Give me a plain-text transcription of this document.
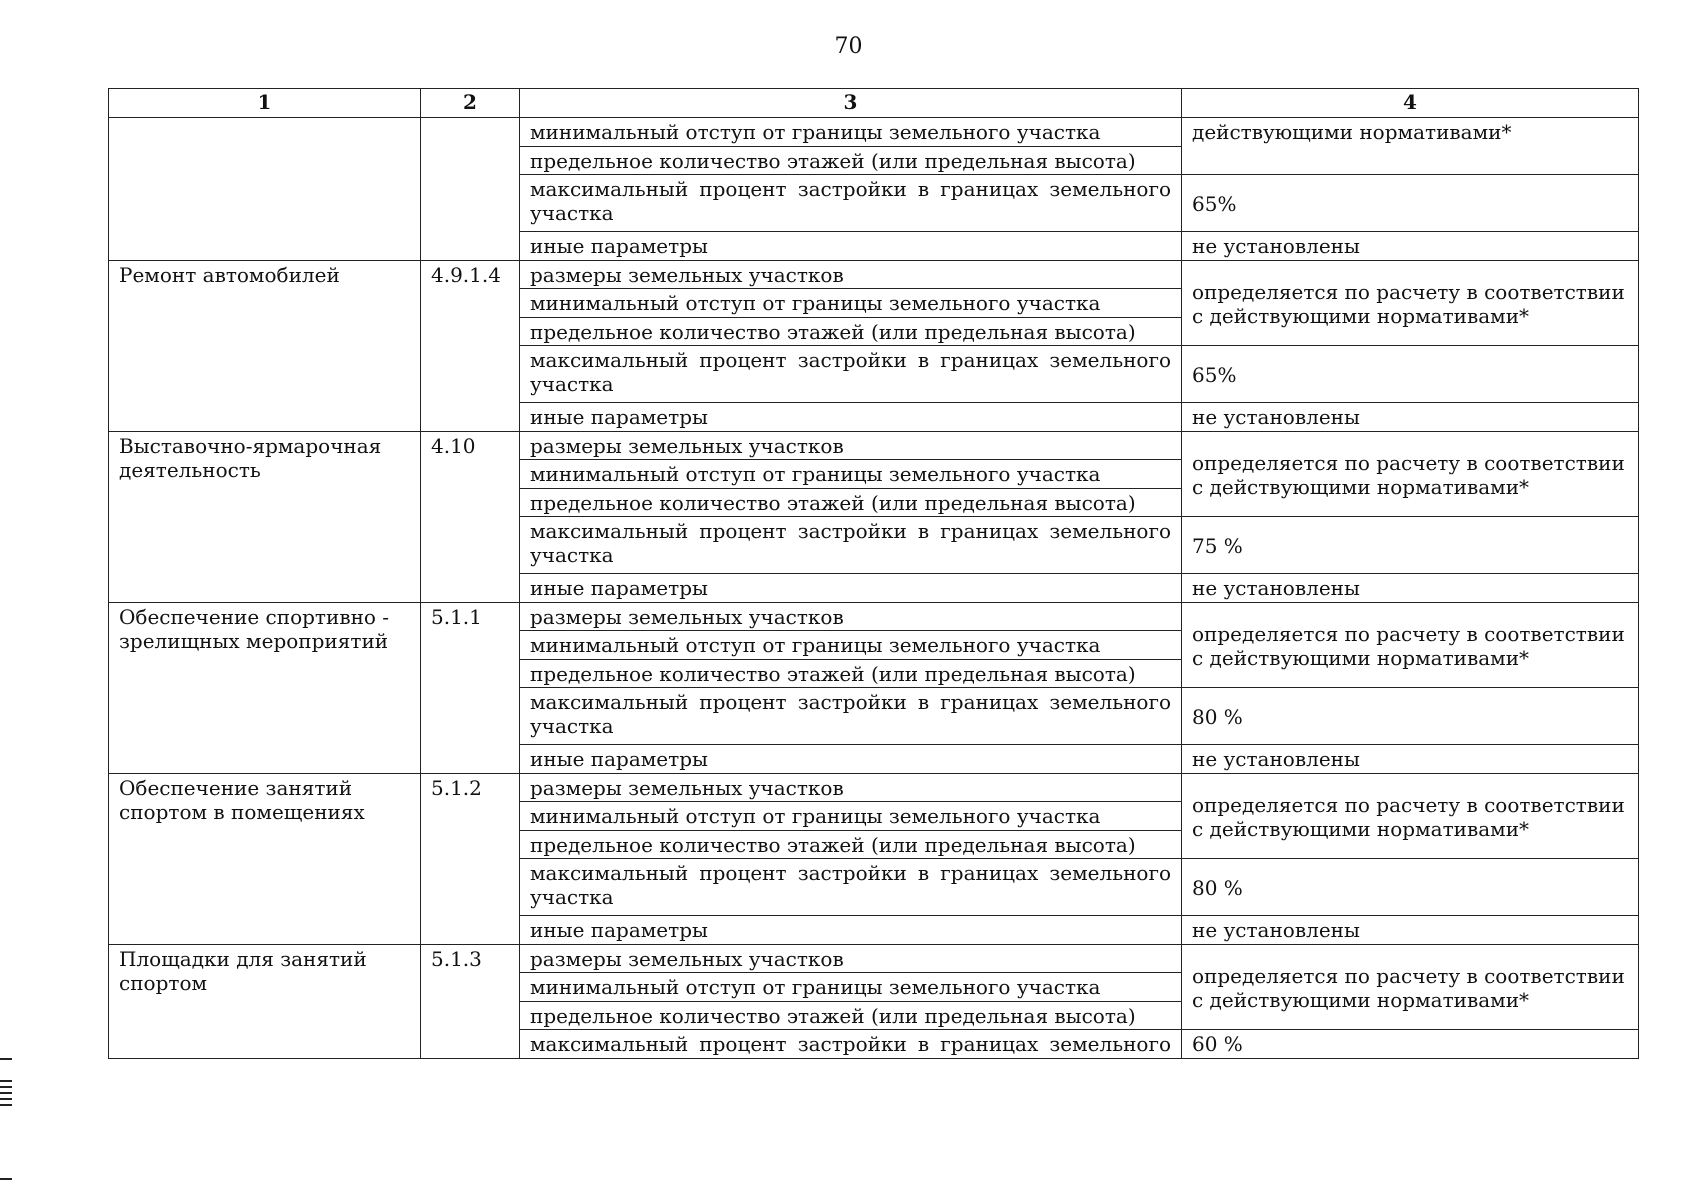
70
1	2	3	4
		минимальный отступ от границы земельного участка	действующими нормативами*
		предельное количество этажей (или предельная высота)	
		максимальный процент застройки в границах земельного участка	65%
		иные параметры	не установлены
Ремонт автомобилей	4.9.1.4	размеры земельных участков	определяется по расчету в соответствии с действующими нормативами*
		минимальный отступ от границы земельного участка	
		предельное количество этажей (или предельная высота)	
		максимальный процент застройки в границах земельного участка	65%
		иные параметры	не установлены
Выставочно-ярмарочная деятельность	4.10	размеры земельных участков	определяется по расчету в соответствии с действующими нормативами*
		минимальный отступ от границы земельного участка	
		предельное количество этажей (или предельная высота)	
		максимальный процент застройки в границах земельного участка	75 %
		иные параметры	не установлены
Обеспечение спортивно - зрелищных мероприятий	5.1.1	размеры земельных участков	определяется по расчету в соответствии с действующими нормативами*
		минимальный отступ от границы земельного участка	
		предельное количество этажей (или предельная высота)	
		максимальный процент застройки в границах земельного участка	80 %
		иные параметры	не установлены
Обеспечение занятий спортом в помещениях	5.1.2	размеры земельных участков	определяется по расчету в соответствии с действующими нормативами*
		минимальный отступ от границы земельного участка	
		предельное количество этажей (или предельная высота)	
		максимальный процент застройки в границах земельного участка	80 %
		иные параметры	не установлены
Площадки для занятий спортом	5.1.3	размеры земельных участков	определяется по расчету в соответствии с действующими нормативами*
		минимальный отступ от границы земельного участка	
		предельное количество этажей (или предельная высота)	
		максимальный процент застройки в границах земельного	60 %
